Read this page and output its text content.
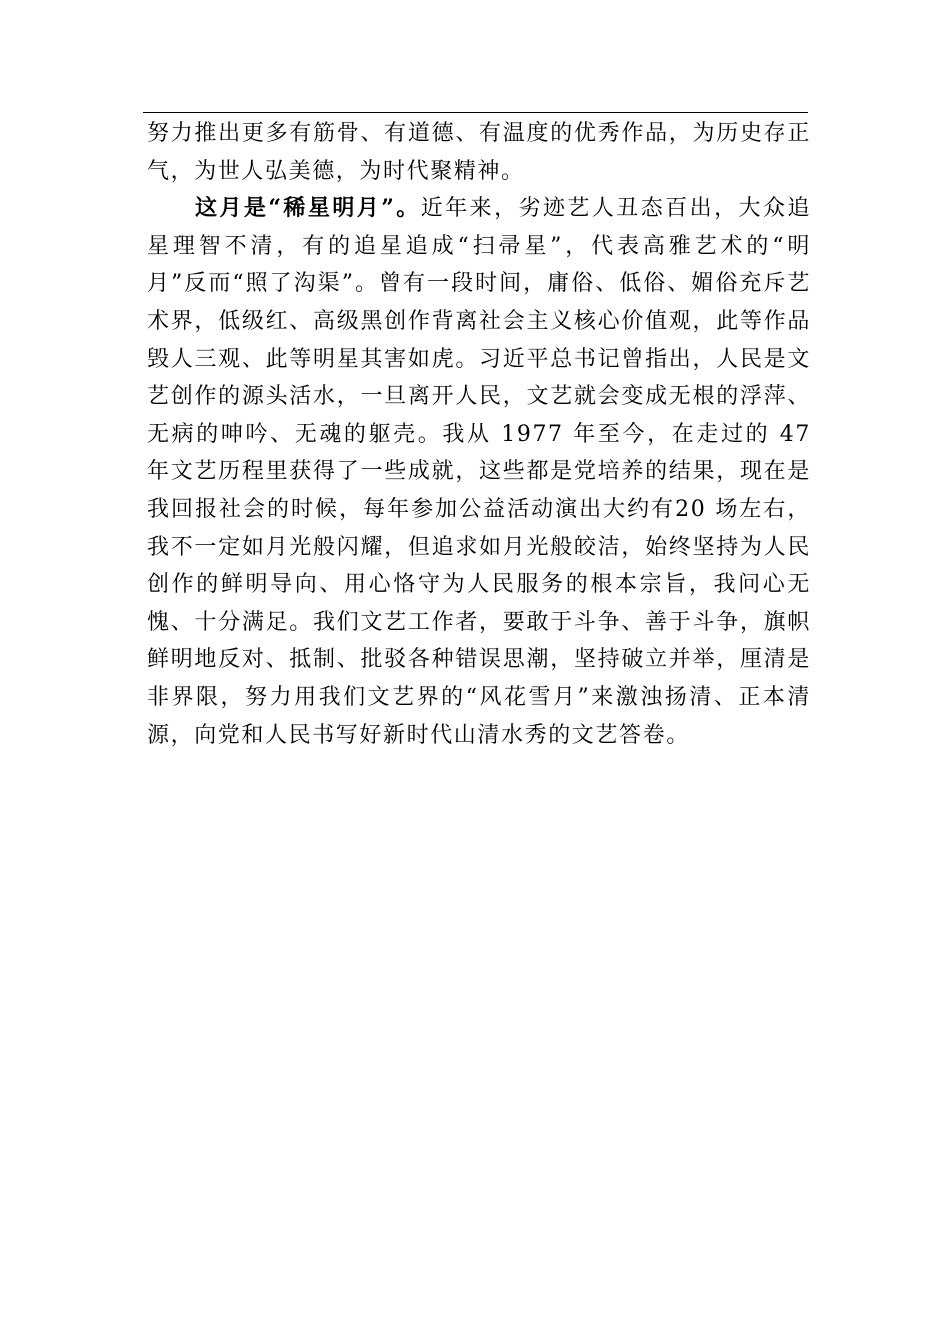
努力推出更多有筋骨、有道德、有温度的优秀作品，为历史存正气，为世人弘美德，为时代聚精神。

这月是“稀星明月”。近年来，劣迹艺人丑态百出，大众追星理智不清，有的追星追成“扫帚星”，代表高雅艺术的“明月”反而“照了沟渠”。曾有一段时间，庸俗、低俗、媚俗充斥艺术界，低级红、高级黑创作背离社会主义核心价值观，此等作品毁人三观、此等明星其害如虎。习近平总书记曾指出，人民是文艺创作的源头活水，一旦离开人民，文艺就会变成无根的浮萍、无病的呻吟、无魂的躯壳。我从 1977 年至今，在走过的 47 年文艺历程里获得了一些成就，这些都是党培养的结果，现在是我回报社会的时候，每年参加公益活动演出大约有20 场左右，我不一定如月光般闪耀，但追求如月光般皎洁，始终坚持为人民创作的鲜明导向、用心恪守为人民服务的根本宗旨，我问心无愧、十分满足。我们文艺工作者，要敢于斗争、善于斗争，旗帜鲜明地反对、抵制、批驳各种错误思潮，坚持破立并举，厘清是非界限，努力用我们文艺界的“风花雪月”来激浊扬清、正本清源，向党和人民书写好新时代山清水秀的文艺答卷。
